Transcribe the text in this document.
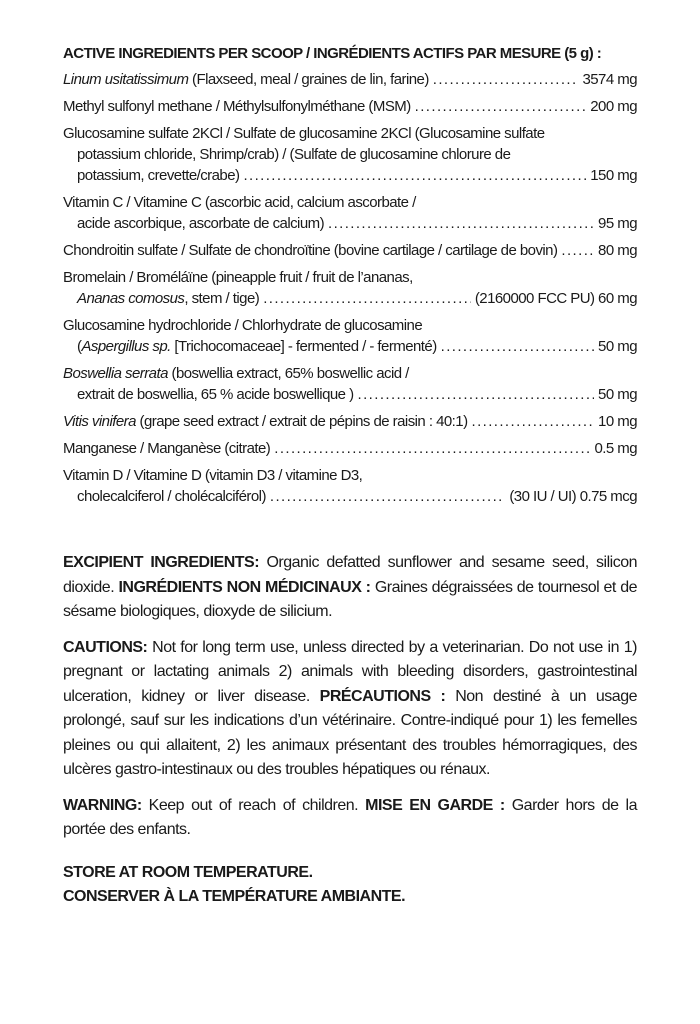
ACTIVE INGREDIENTS PER SCOOP / INGRÉDIENTS ACTIFS PAR MESURE (5 g) :
Linum usitatissimum (Flaxseed, meal / graines de lin, farine) .....	3574 mg
Methyl sulfonyl methane / Méthylsulfonylméthane (MSM) .....	200 mg
Glucosamine sulfate 2KCl / Sulfate de glucosamine 2KCl (Glucosamine sulfate
potassium chloride, Shrimp/crab) / (Sulfate de glucosamine chlorure de
potassium, crevette/crabe) .....	150 mg
Vitamin C / Vitamine C (ascorbic acid, calcium ascorbate /
acide ascorbique, ascorbate de calcium) .....	95 mg
Chondroitin sulfate / Sulfate de chondroïtine (bovine cartilage / cartilage de bovin) .....	80 mg
Bromelain / Broméláïne (pineapple fruit / fruit de l’ananas,
Ananas comosus, stem / tige) .....	(2160000 FCC PU) 60 mg
Glucosamine hydrochloride / Chlorhydrate de glucosamine
(Aspergillus sp. [Trichocomaceae] - fermented / - fermenté) .....	50 mg
Boswellia serrata (boswellia extract, 65% boswellic acid /
extrait de boswellia, 65 % acide boswellique ) .....	50 mg
Vitis vinifera (grape seed extract / extrait de pépins de raisin : 40:1) .....	10 mg
Manganese / Manganèse (citrate) .....	0.5 mg
Vitamin D / Vitamine D (vitamin D3 / vitamine D3,
cholecalciferol / cholécalciférol) .....	(30 IU / UI) 0.75 mcg

EXCIPIENT INGREDIENTS: Organic defatted sunflower and sesame seed, silicon dioxide. INGRÉDIENTS NON MÉDICINAUX : Graines dégraissées de tournesol et de sésame biologiques, dioxyde de silicium.

CAUTIONS: Not for long term use, unless directed by a veterinarian. Do not use in 1) pregnant or lactating animals 2) animals with bleeding disorders, gastrointestinal ulceration, kidney or liver disease. PRÉCAUTIONS : Non destiné à un usage prolongé, sauf sur les indications d’un vétérinaire. Contre-indiqué pour 1) les femelles pleines ou qui allaitent, 2) les animaux présentant des troubles hémorragiques, des ulcères gastro-intestinaux ou des troubles hépatiques ou rénaux.

WARNING: Keep out of reach of children. MISE EN GARDE : Garder hors de la portée des enfants.

STORE AT ROOM TEMPERATURE.
CONSERVER À LA TEMPÉRATURE AMBIANTE.
